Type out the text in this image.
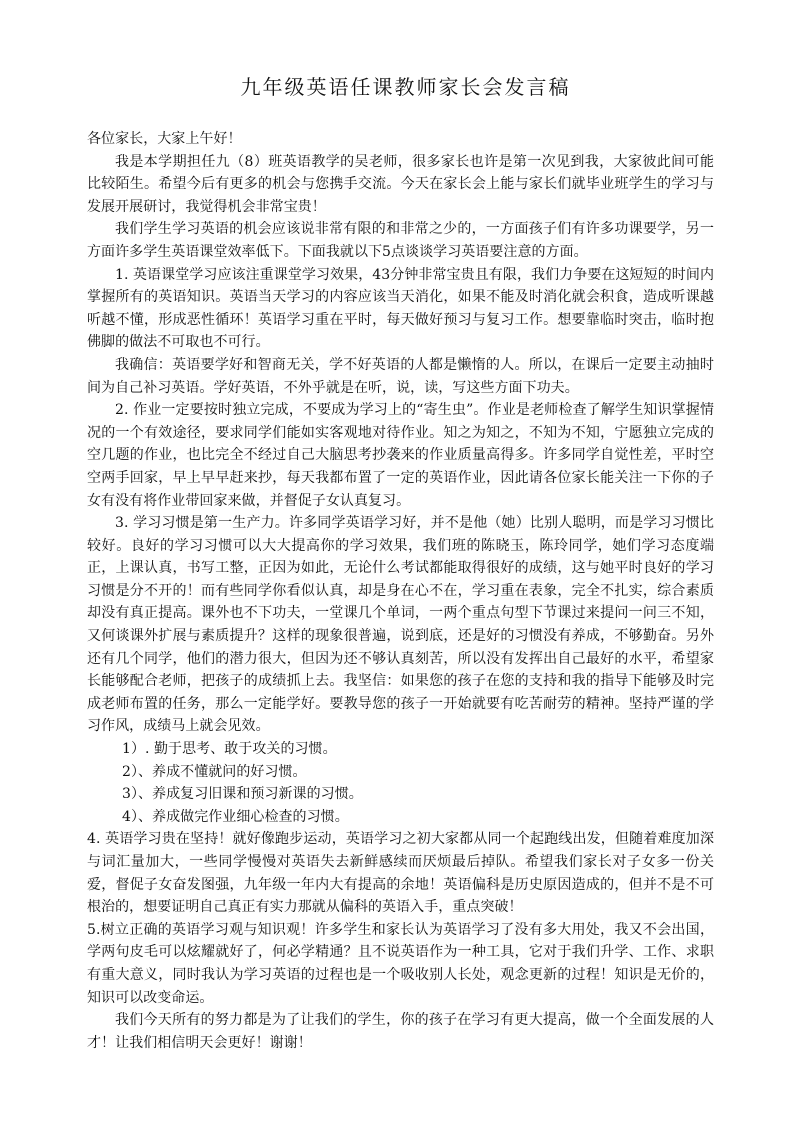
九年级英语任课教师家长会发言稿

各位家长，大家上午好！

我是本学期担任九（8）班英语教学的吴老师，很多家长也许是第一次见到我，大家彼此间可能比较陌生。希望今后有更多的机会与您携手交流。今天在家长会上能与家长们就毕业班学生的学习与发展开展研讨，我觉得机会非常宝贵！

我们学生学习英语的机会应该说非常有限的和非常之少的，一方面孩子们有许多功课要学，另一方面许多学生英语课堂效率低下。下面我就以下5点谈谈学习英语要注意的方面。

1. 英语课堂学习应该注重课堂学习效果，43分钟非常宝贵且有限，我们力争要在这短短的时间内掌握所有的英语知识。英语当天学习的内容应该当天消化，如果不能及时消化就会积食，造成听课越听越不懂，形成恶性循环！英语学习重在平时，每天做好预习与复习工作。想要靠临时突击，临时抱佛脚的做法不可取也不可行。

我确信：英语要学好和智商无关，学不好英语的人都是懒惰的人。所以，在课后一定要主动抽时间为自己补习英语。学好英语，不外乎就是在听，说，读，写这些方面下功夫。

2. 作业一定要按时独立完成，不要成为学习上的“寄生虫”。作业是老师检查了解学生知识掌握情况的一个有效途径，要求同学们能如实客观地对待作业。知之为知之，不知为不知，宁愿独立完成的空几题的作业，也比完全不经过自己大脑思考抄袭来的作业质量高得多。许多同学自觉性差，平时空空两手回家，早上早早赶来抄，每天我都布置了一定的英语作业，因此请各位家长能关注一下你的子女有没有将作业带回家来做，并督促子女认真复习。

3. 学习习惯是第一生产力。许多同学英语学习好，并不是他（她）比别人聪明，而是学习习惯比较好。良好的学习习惯可以大大提高你的学习效果，我们班的陈晓玉，陈玲同学，她们学习态度端正，上课认真，书写工整，正因为如此，无论什么考试都能取得很好的成绩，这与她平时良好的学习习惯是分不开的！而有些同学你看似认真，却是身在心不在，学习重在表象，完全不扎实，综合素质却没有真正提高。课外也不下功夫，一堂课几个单词，一两个重点句型下节课过来提问一问三不知，又何谈课外扩展与素质提升？这样的现象很普遍，说到底，还是好的习惯没有养成，不够勤奋。另外还有几个同学，他们的潜力很大，但因为还不够认真刻苦，所以没有发挥出自己最好的水平，希望家长能够配合老师，把孩子的成绩抓上去。我坚信：如果您的孩子在您的支持和我的指导下能够及时完成老师布置的任务，那么一定能学好。要教导您的孩子一开始就要有吃苦耐劳的精神。坚持严谨的学习作风，成绩马上就会见效。

1）. 勤于思考、敢于攻关的习惯。

2）、养成不懂就问的好习惯。

3）、养成复习旧课和预习新课的习惯。

4）、养成做完作业细心检查的习惯。

4. 英语学习贵在坚持！就好像跑步运动，英语学习之初大家都从同一个起跑线出发，但随着难度加深与词汇量加大，一些同学慢慢对英语失去新鲜感续而厌烦最后掉队。希望我们家长对子女多一份关爱，督促子女奋发图强，九年级一年内大有提高的余地！英语偏科是历史原因造成的，但并不是不可根治的，想要证明自己真正有实力那就从偏科的英语入手，重点突破！

5.树立正确的英语学习观与知识观！许多学生和家长认为英语学习了没有多大用处，我又不会出国，学两句皮毛可以炫耀就好了，何必学精通？且不说英语作为一种工具，它对于我们升学、工作、求职有重大意义，同时我认为学习英语的过程也是一个吸收别人长处，观念更新的过程！知识是无价的，知识可以改变命运。

我们今天所有的努力都是为了让我们的学生，你的孩子在学习有更大提高，做一个全面发展的人才！让我们相信明天会更好！谢谢！
